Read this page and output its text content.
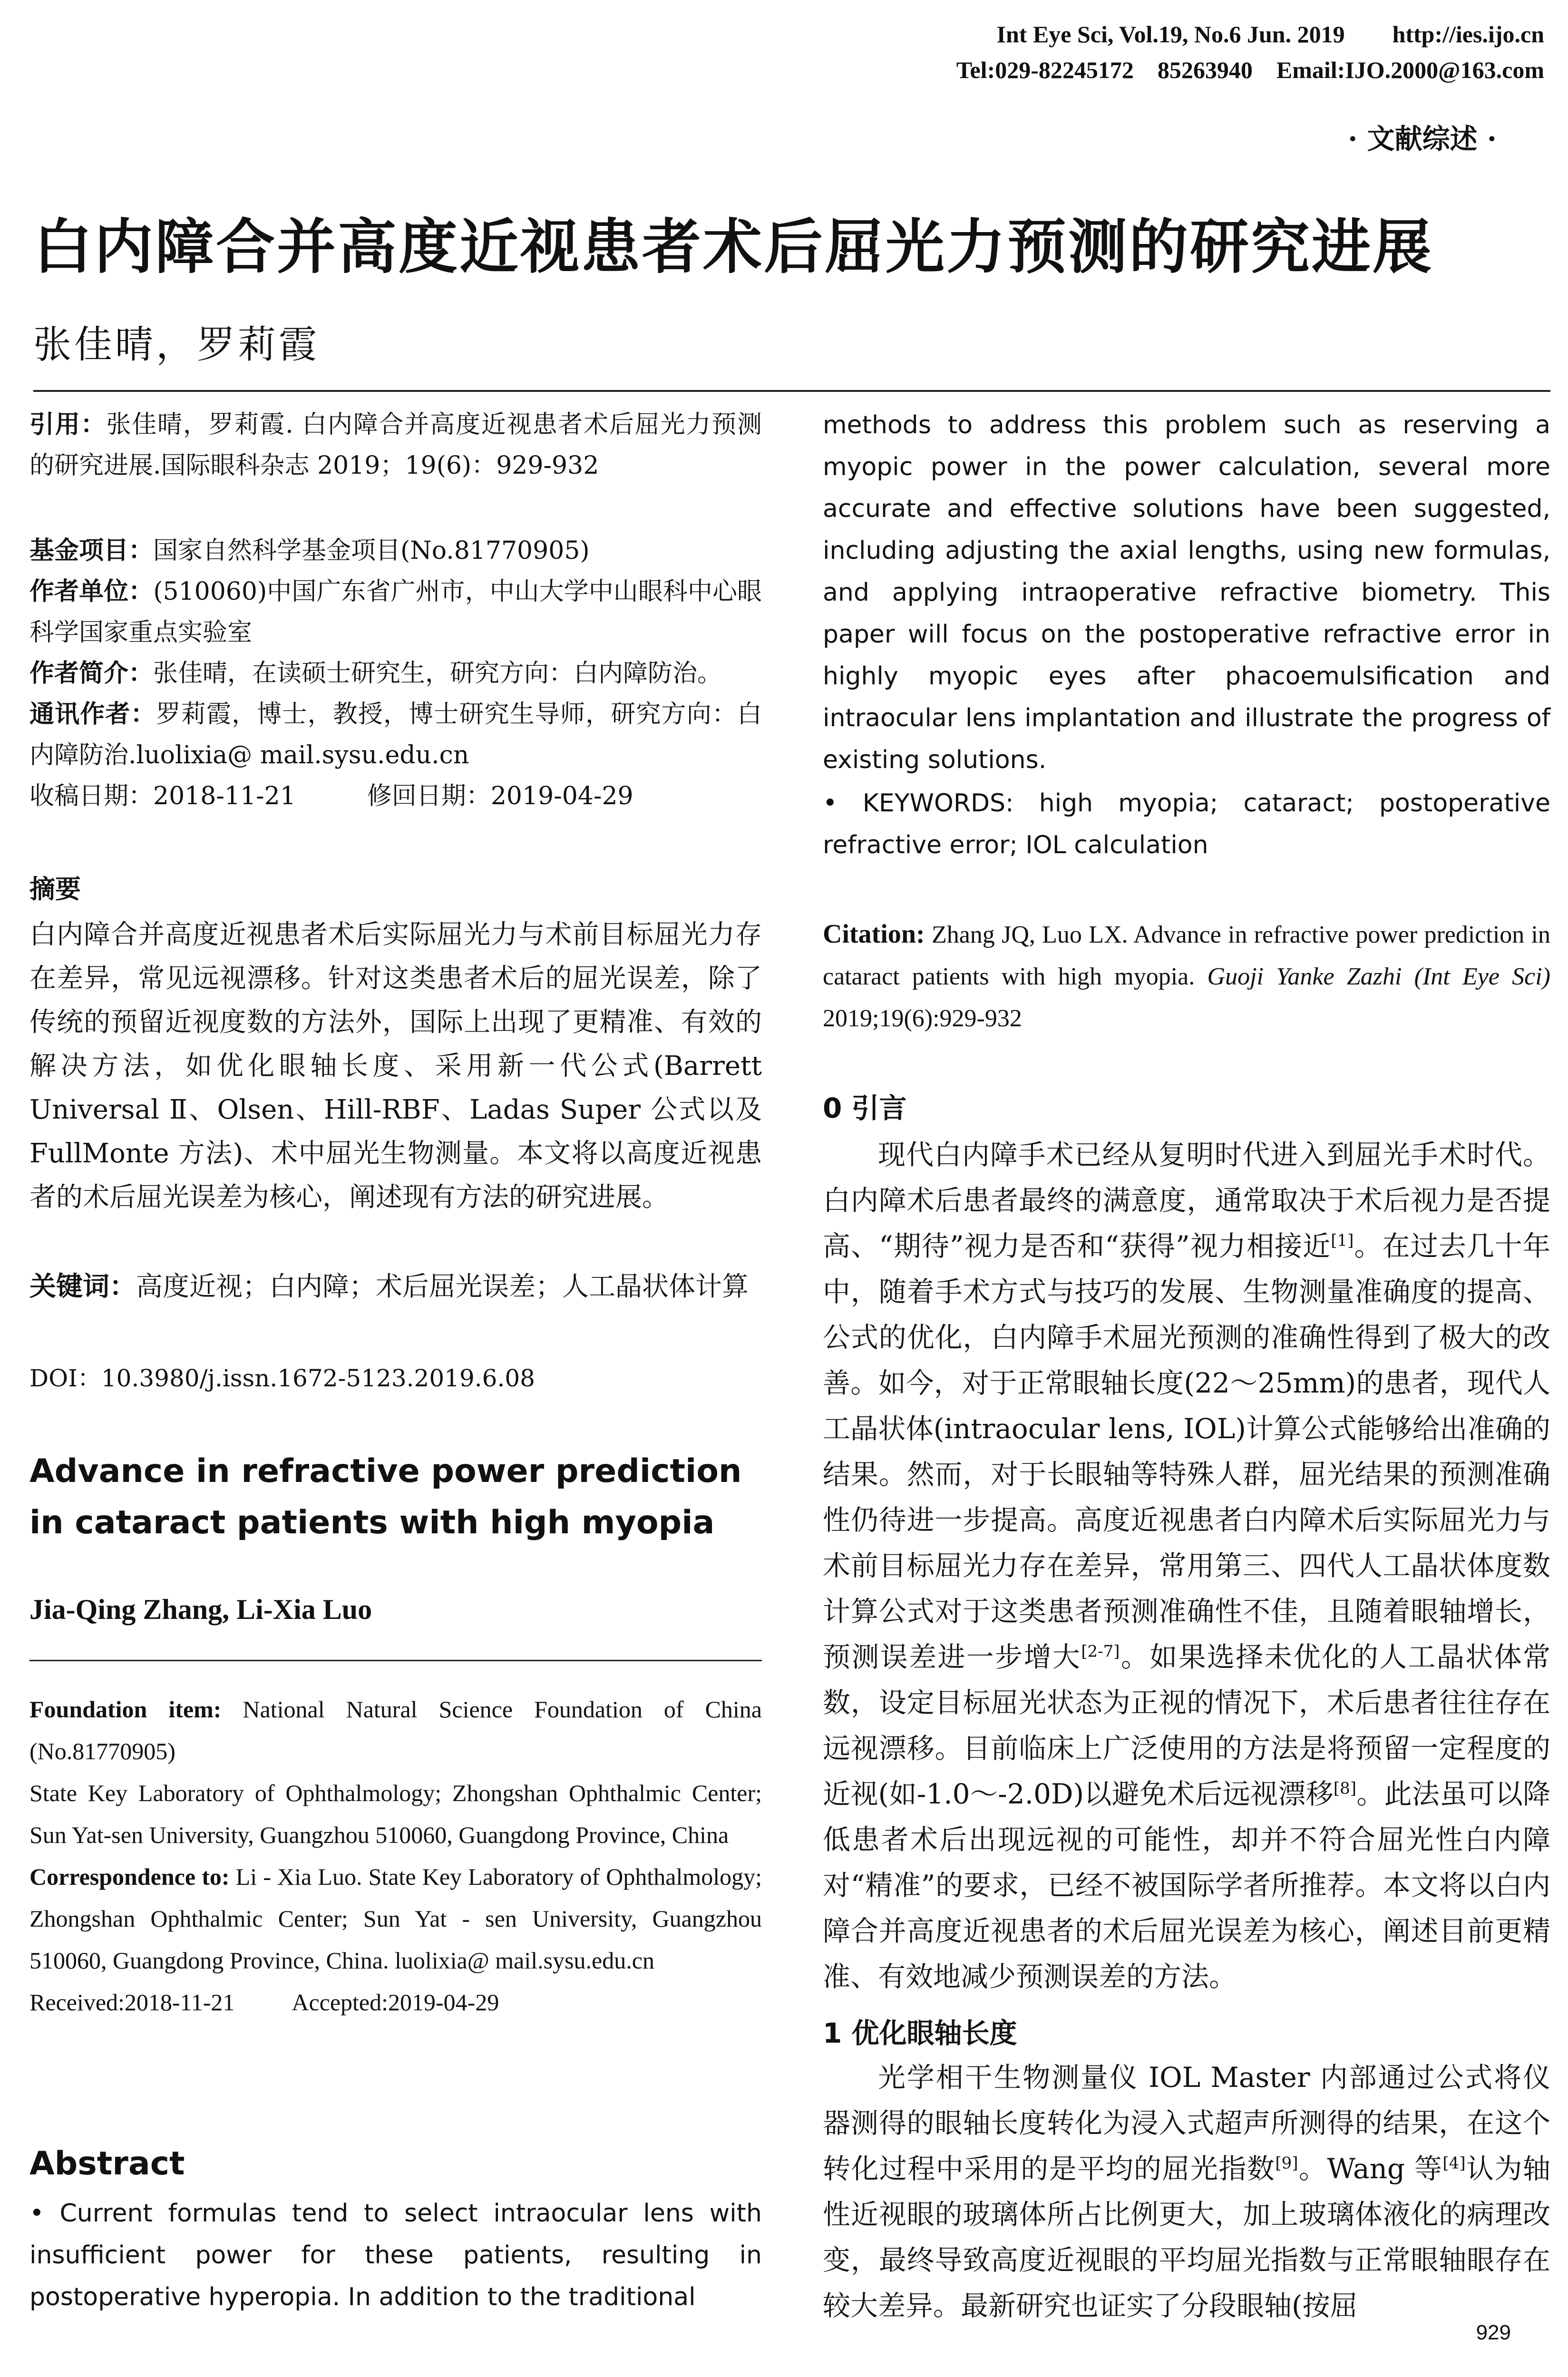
Int Eye Sci, Vol.19, No.6 Jun. 2019        http://ies.ijo.cn
Tel:029-82245172    85263940    Email:IJO.2000@163.com
· 文献综述 ·
白内障合并高度近视患者术后屈光力预测的研究进展
张佳晴，罗莉霞
引用：张佳晴，罗莉霞. 白内障合并高度近视患者术后屈光力预测的研究进展.国际眼科杂志 2019；19(6)：929-932
基金项目：国家自然科学基金项目(No.81770905)
作者单位：(510060)中国广东省广州市，中山大学中山眼科中心眼科学国家重点实验室
作者简介：张佳晴，在读硕士研究生，研究方向：白内障防治。
通讯作者：罗莉霞，博士，教授，博士研究生导师，研究方向：白内障防治.luolixia@ mail.sysu.edu.cn
收稿日期：2018-11-21	修回日期：2019-04-29
摘要
白内障合并高度近视患者术后实际屈光力与术前目标屈光力存在差异，常见远视漂移。针对这类患者术后的屈光误差，除了传统的预留近视度数的方法外，国际上出现了更精准、有效的解决方法，如优化眼轴长度、采用新一代公式(Barrett Universal Ⅱ、Olsen、Hill-RBF、Ladas Super 公式以及 FullMonte 方法)、术中屈光生物测量。本文将以高度近视患者的术后屈光误差为核心，阐述现有方法的研究进展。
关键词：高度近视；白内障；术后屈光误差；人工晶状体计算
DOI：10.3980/j.issn.1672-5123.2019.6.08
Advance in refractive power prediction in cataract patients with high myopia
Jia-Qing Zhang, Li-Xia Luo
Foundation item: National Natural Science Foundation of China (No.81770905)
State Key Laboratory of Ophthalmology; Zhongshan Ophthalmic Center; Sun Yat-sen University, Guangzhou 510060, Guangdong Province, China
Correspondence to: Li - Xia Luo. State Key Laboratory of Ophthalmology; Zhongshan Ophthalmic Center; Sun Yat - sen University, Guangzhou 510060, Guangdong Province, China. luolixia@ mail.sysu.edu.cn
Received:2018-11-21 Accepted:2019-04-29
Abstract
• Current formulas tend to select intraocular lens with insufficient power for these patients, resulting in postoperative hyperopia. In addition to the traditional
methods to address this problem such as reserving a myopic power in the power calculation, several more accurate and effective solutions have been suggested, including adjusting the axial lengths, using new formulas, and applying intraoperative refractive biometry. This paper will focus on the postoperative refractive error in highly myopic eyes after phacoemulsification and intraocular lens implantation and illustrate the progress of existing solutions.
• KEYWORDS: high myopia; cataract; postoperative refractive error; IOL calculation
Citation: Zhang JQ, Luo LX. Advance in refractive power prediction in cataract patients with high myopia. Guoji Yanke Zazhi (Int Eye Sci) 2019;19(6):929-932
0 引言
现代白内障手术已经从复明时代进入到屈光手术时代。白内障术后患者最终的满意度，通常取决于术后视力是否提高、“期待”视力是否和“获得”视力相接近[1]。在过去几十年中，随着手术方式与技巧的发展、生物测量准确度的提高、公式的优化，白内障手术屈光预测的准确性得到了极大的改善。如今，对于正常眼轴长度(22～25mm)的患者，现代人工晶状体(intraocular lens, IOL)计算公式能够给出准确的结果。然而，对于长眼轴等特殊人群，屈光结果的预测准确性仍待进一步提高。高度近视患者白内障术后实际屈光力与术前目标屈光力存在差异，常用第三、四代人工晶状体度数计算公式对于这类患者预测准确性不佳，且随着眼轴增长，预测误差进一步增大[2-7]。如果选择未优化的人工晶状体常数，设定目标屈光状态为正视的情况下，术后患者往往存在远视漂移。目前临床上广泛使用的方法是将预留一定程度的近视(如-1.0～-2.0D)以避免术后远视漂移[8]。此法虽可以降低患者术后出现远视的可能性，却并不符合屈光性白内障对“精准”的要求，已经不被国际学者所推荐。本文将以白内障合并高度近视患者的术后屈光误差为核心，阐述目前更精准、有效地减少预测误差的方法。
1 优化眼轴长度
光学相干生物测量仪 IOL Master 内部通过公式将仪器测得的眼轴长度转化为浸入式超声所测得的结果，在这个转化过程中采用的是平均的屈光指数[9]。Wang 等[4]认为轴性近视眼的玻璃体所占比例更大，加上玻璃体液化的病理改变，最终导致高度近视眼的平均屈光指数与正常眼轴眼存在较大差异。最新研究也证实了分段眼轴(按屈
929
